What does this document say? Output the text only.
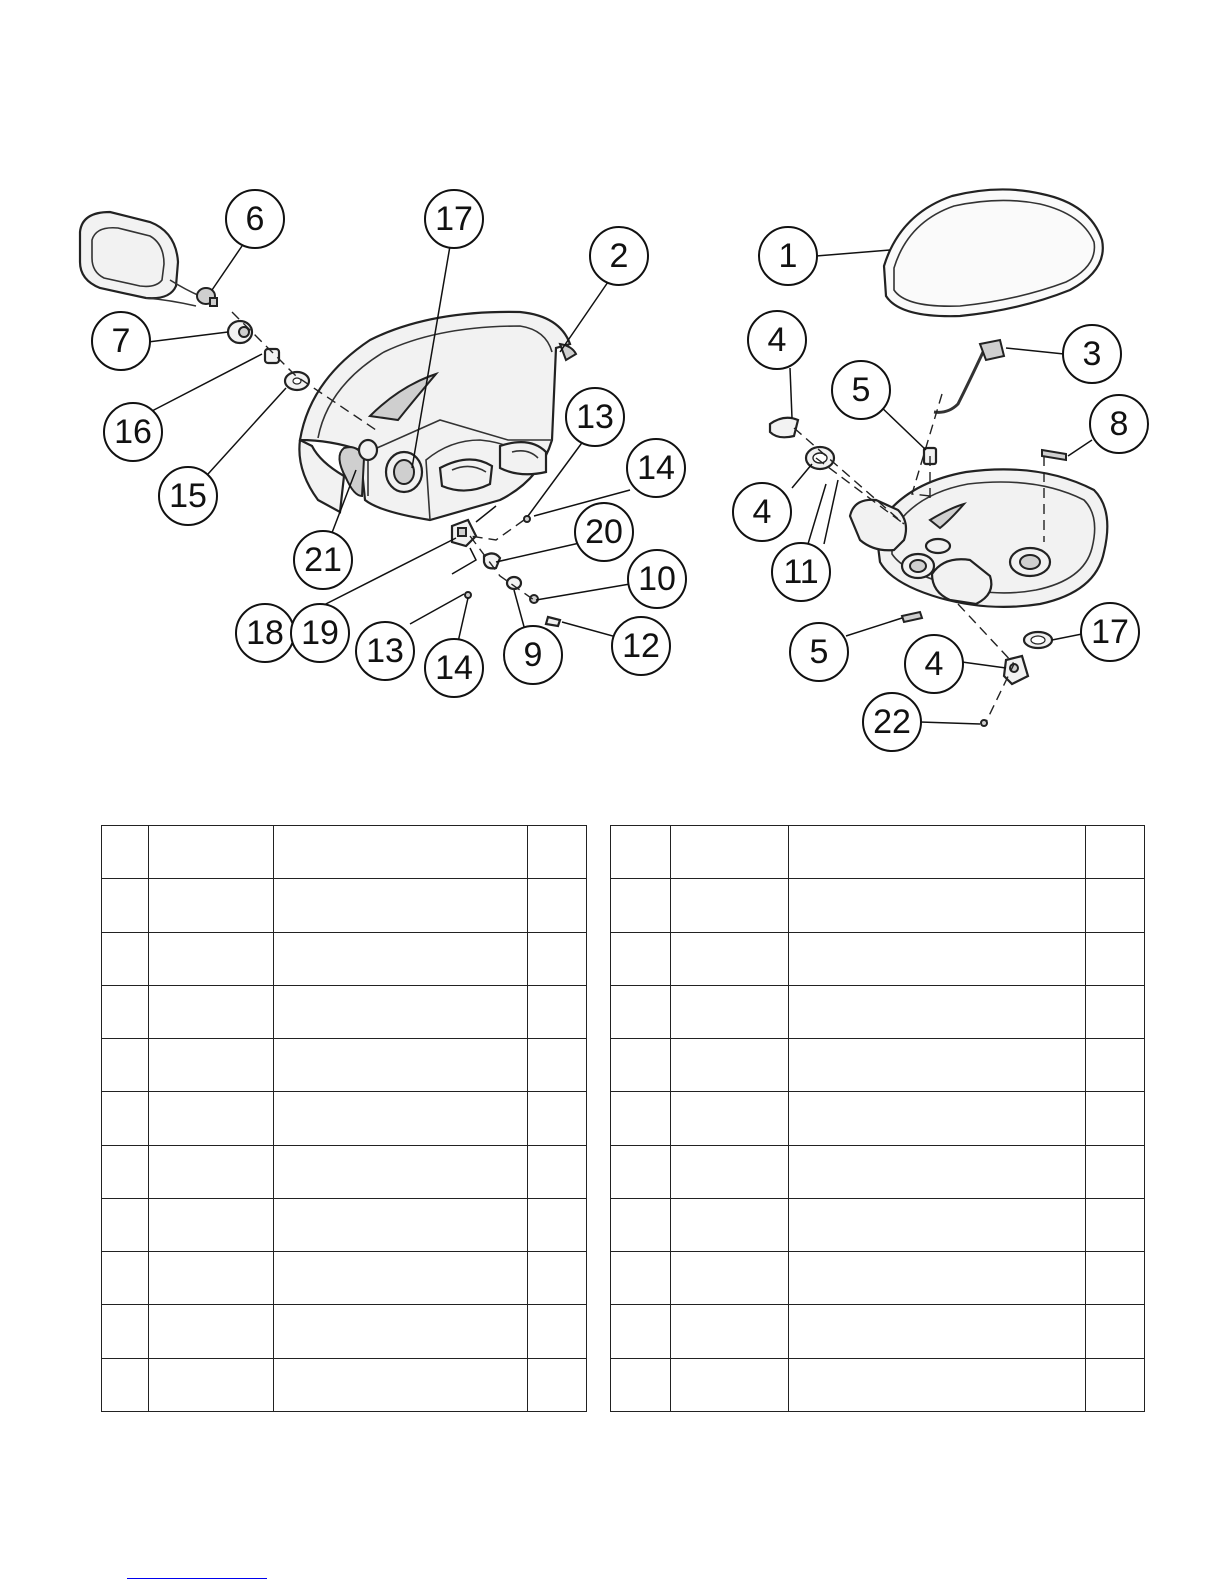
6	17
2
7
16
15
13
14
20
21	10
18 19 13 14 9 12
1
4	3
5
8
4
11
17
5	4
22
